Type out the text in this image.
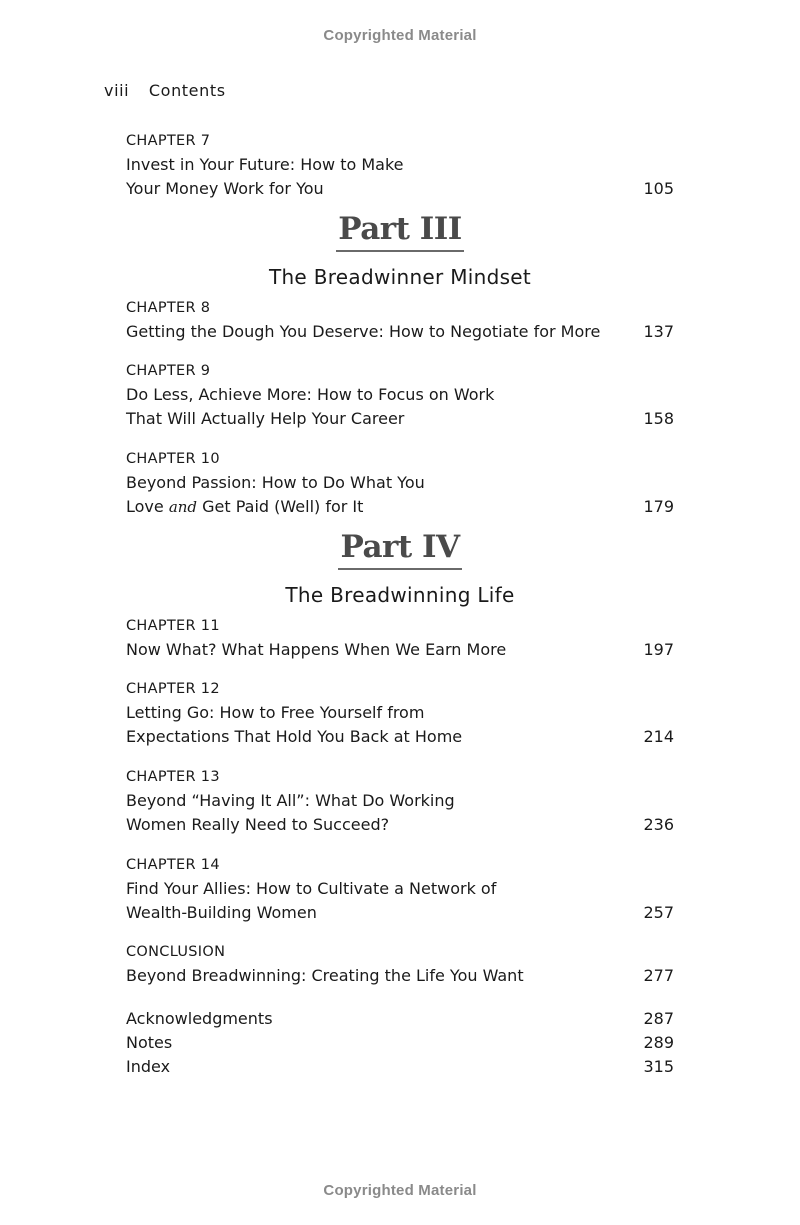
Copyrighted Material
viii Contents
CHAPTER 7
Invest in Your Future: How to Make
Your Money Work for You	105
Part III
The Breadwinner Mindset
CHAPTER 8
Getting the Dough You Deserve: How to Negotiate for More	137
CHAPTER 9
Do Less, Achieve More: How to Focus on Work
That Will Actually Help Your Career	158
CHAPTER 10
Beyond Passion: How to Do What You
Love and Get Paid (Well) for It	179
Part IV
The Breadwinning Life
CHAPTER 11
Now What? What Happens When We Earn More	197
CHAPTER 12
Letting Go: How to Free Yourself from
Expectations That Hold You Back at Home	214
CHAPTER 13
Beyond “Having It All”: What Do Working
Women Really Need to Succeed?	236
CHAPTER 14
Find Your Allies: How to Cultivate a Network of
Wealth-Building Women	257
CONCLUSION
Beyond Breadwinning: Creating the Life You Want	277
Acknowledgments	287
Notes	289
Index	315
Copyrighted Material
